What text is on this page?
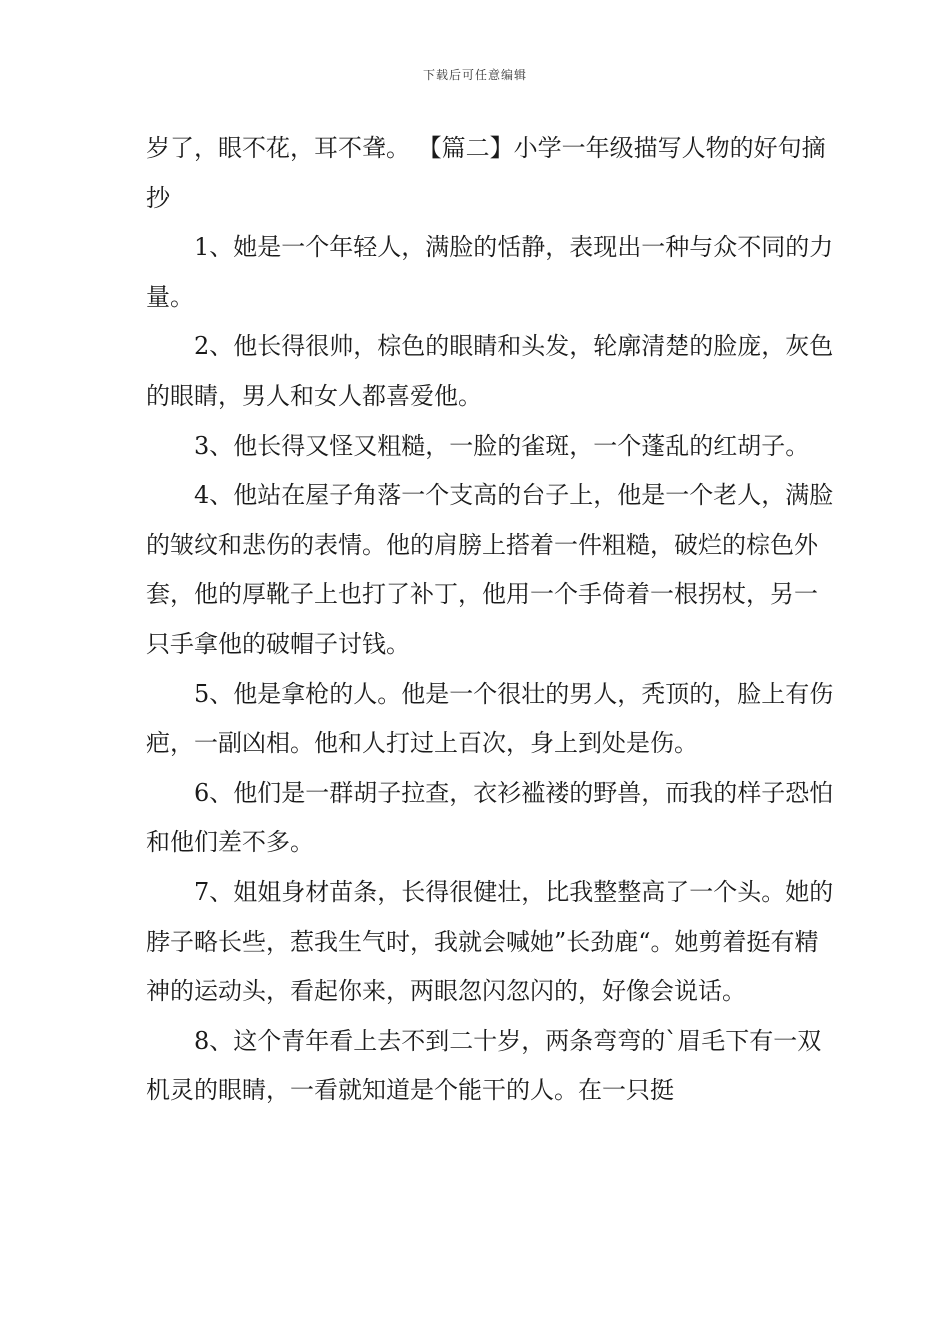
下载后可任意编辑

岁了，眼不花，耳不聋。 【篇二】小学一年级描写人物的好句摘抄

1、她是一个年轻人，满脸的恬静，表现出一种与众不同的力量。

2、他长得很帅，棕色的眼睛和头发，轮廓清楚的脸庞，灰色的眼睛，男人和女人都喜爱他。

3、他长得又怪又粗糙，一脸的雀斑，一个蓬乱的红胡子。

4、他站在屋子角落一个支高的台子上，他是一个老人，满脸的皱纹和悲伤的表情。他的肩膀上搭着一件粗糙，破烂的棕色外套，他的厚靴子上也打了补丁，他用一个手倚着一根拐杖，另一只手拿他的破帽子讨钱。

5、他是拿枪的人。他是一个很壮的男人，秃顶的，脸上有伤疤，一副凶相。他和人打过上百次，身上到处是伤。

6、他们是一群胡子拉查，衣衫褴褛的野兽，而我的样子恐怕和他们差不多。

7、姐姐身材苗条，长得很健壮，比我整整高了一个头。她的脖子略长些，惹我生气时，我就会喊她”长劲鹿“。她剪着挺有精神的运动头，看起你来，两眼忽闪忽闪的，好像会说话。

8、这个青年看上去不到二十岁，两条弯弯的`眉毛下有一双机灵的眼睛，一看就知道是个能干的人。在一只挺
